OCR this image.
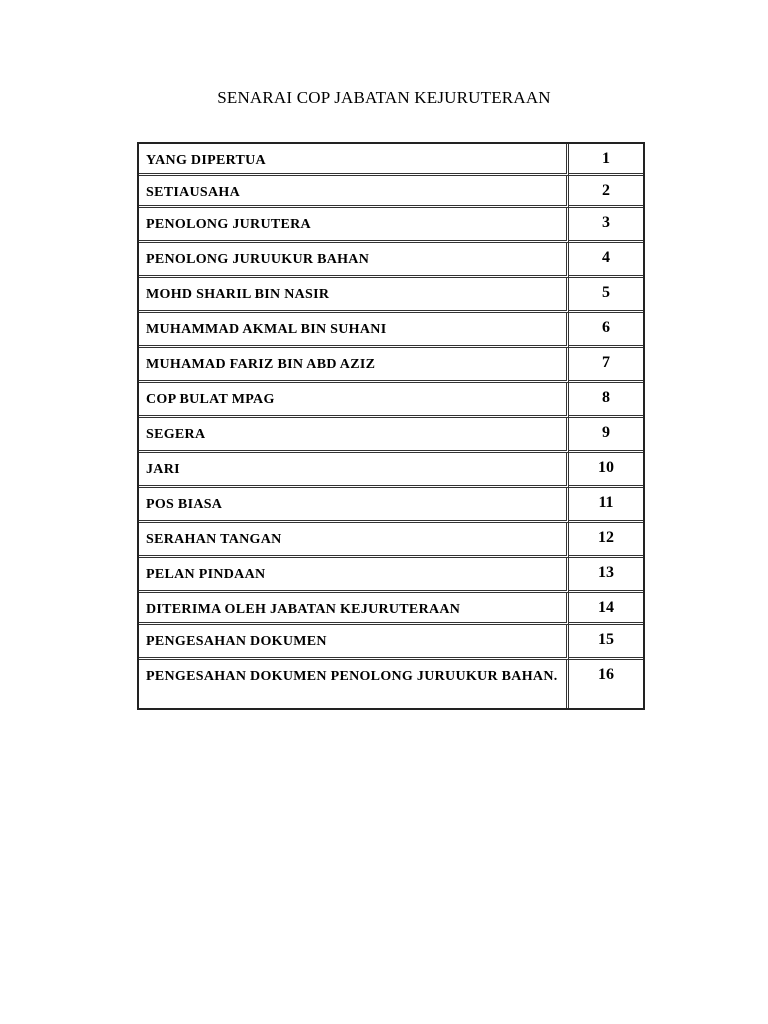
SENARAI COP JABATAN KEJURUTERAAN
YANG DIPERTUA	1
SETIAUSAHA	2
PENOLONG JURUTERA	3
PENOLONG JURUUKUR BAHAN	4
MOHD SHARIL BIN NASIR	5
MUHAMMAD AKMAL BIN SUHANI	6
MUHAMAD FARIZ BIN ABD AZIZ	7
COP BULAT MPAG	8
SEGERA	9
JARI	10
POS BIASA	11
SERAHAN TANGAN	12
PELAN PINDAAN	13
DITERIMA OLEH JABATAN KEJURUTERAAN	14
PENGESAHAN DOKUMEN	15
PENGESAHAN DOKUMEN PENOLONG JURUUKUR BAHAN.	16
